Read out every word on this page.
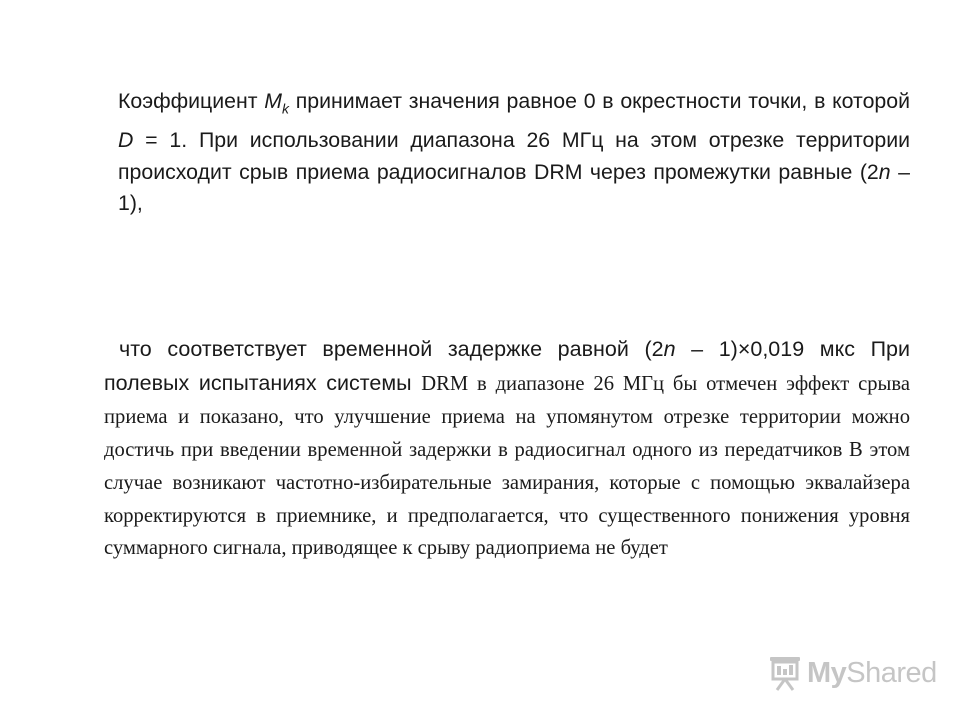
Коэффициент $M_k$ принимает значения равное 0 в окрестности точки, в которой D = 1. При использовании диапазона 26 МГц на этом отрезке территории происходит срыв приема радиосигналов DRM через промежутки равные (2n – 1),

что соответствует временной задержке равной (2n – 1)×0,019 мкс При полевых испытаниях системы DRM в диапазоне 26 МГц бы отмечен эффект срыва приема и показано, что улучшение приема на упомянутом отрезке территории можно достичь при введении временной задержки в радиосигнал одного из передатчиков В этом случае возникают частотно-избирательные замирания, которые с помощью эквалайзера корректируются в приемнике, и предполагается, что существенного понижения уровня суммарного сигнала, приводящее к срыву радиоприема не будет

MyShared
